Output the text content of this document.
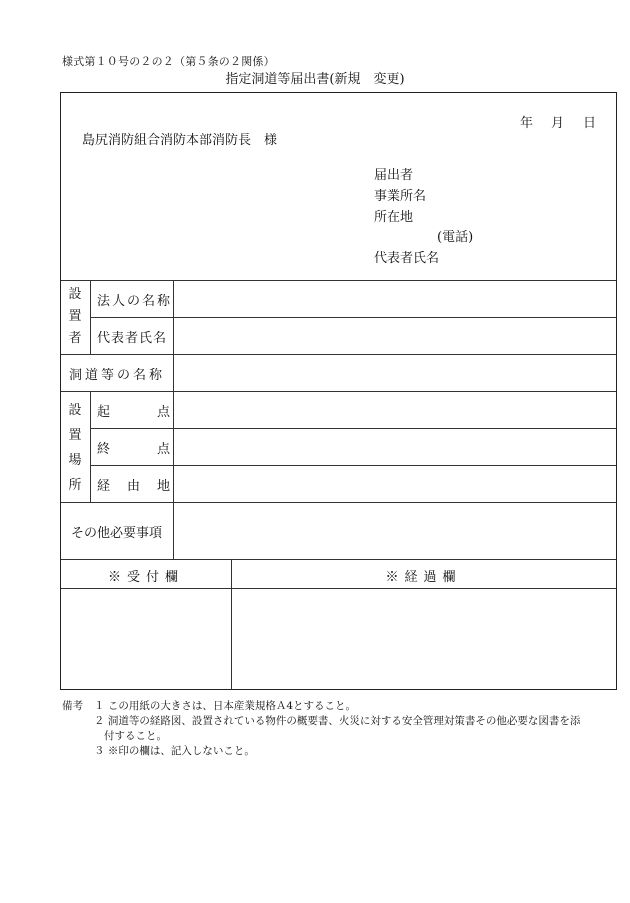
様式第１０号の２の２（第５条の２関係）
指定洞道等届出書(新規　変更)
年 月 日
島尻消防組合消防本部消防長　様
届出者
事業所名
所在地
(電話)
代表者氏名
設
置
者
法人の名称
代表者氏名
洞道等の名称
設
置
場
所
起	点
終	点
経 由 地
その他必要事項
※受付欄	※経過欄
備考	１ この用紙の大きさは、日本産業規格Ａ4とすること。
２ 洞道等の経路図、設置されている物件の概要書、火災に対する安全管理対策書その他必要な図書を添
付すること。
３ ※印の欄は、記入しないこと。
